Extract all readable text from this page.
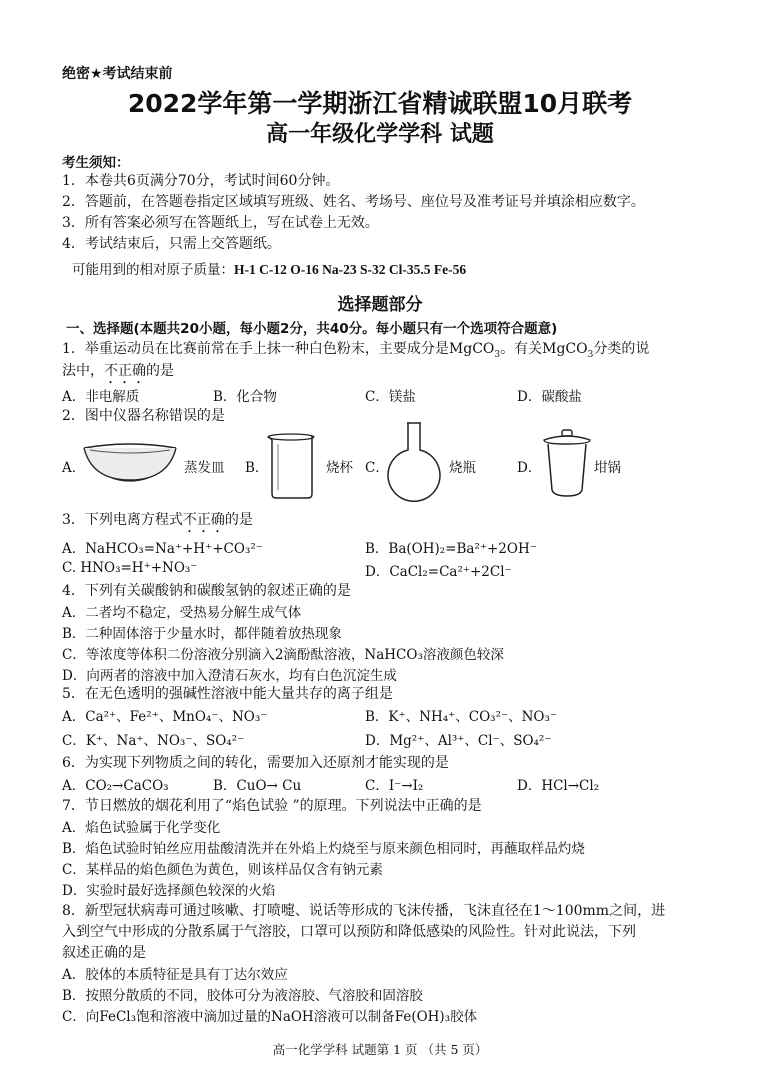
绝密★考试结束前
2022学年第一学期浙江省精诚联盟10月联考
高一年级化学学科 试题
考生须知：
1．本卷共6页满分70分，考试时间60分钟。
2．答题前，在答题卷指定区域填写班级、姓名、考场号、座位号及准考证号并填涂相应数字。
3．所有答案必须写在答题纸上，写在试卷上无效。
4．考试结束后，只需上交答题纸。
可能用到的相对原子质量：H-1 C-12 O-16 Na-23 S-32 Cl-35.5 Fe-56
选择题部分
一、选择题(本题共20小题，每小题2分，共40分。每小题只有一个选项符合题意)
1．举重运动员在比赛前常在手上抹一种白色粉末，主要成分是MgCO$_3$。有关MgCO$_3$分类的说
法中，不正确的是
A．非电解质	B．化合物	C．镁盐	D．碳酸盐
2．图中仪器名称错误的是
A．	蒸发皿 B．	烧杯 C．	烧瓶	D．	坩锅
3．下列电离方程式不正确的是
A．NaHCO₃=Na⁺+H⁺+CO₃²⁻	B．Ba(OH)₂=Ba²⁺+2OH⁻
C. HNO₃=H⁺+NO₃⁻	D．CaCl₂=Ca²⁺+2Cl⁻
4．下列有关碳酸钠和碳酸氢钠的叙述正确的是
A．二者均不稳定，受热易分解生成气体
B．二种固体溶于少量水时，都伴随着放热现象
C．等浓度等体积二份溶液分别滴入2滴酚酞溶液，NaHCO₃溶液颜色较深
D．向两者的溶液中加入澄清石灰水，均有白色沉淀生成
5．在无色透明的强碱性溶液中能大量共存的离子组是
A．Ca²⁺、Fe²⁺、MnO₄⁻、NO₃⁻	B．K⁺、NH₄⁺、CO₃²⁻、NO₃⁻
C．K⁺、Na⁺、NO₃⁻、SO₄²⁻	D．Mg²⁺、Al³⁺、Cl⁻、SO₄²⁻
6．为实现下列物质之间的转化，需要加入还原剂才能实现的是
A．CO₂→CaCO₃	B．CuO→ Cu	C．I⁻→I₂	D．HCl→Cl₂
7．节日燃放的烟花利用了“焰色试验 ”的原理。下列说法中正确的是
A．焰色试验属于化学变化
B．焰色试验时铂丝应用盐酸清洗并在外焰上灼烧至与原来颜色相同时，再蘸取样品灼烧
C．某样品的焰色颜色为黄色，则该样品仅含有钠元素
D．实验时最好选择颜色较深的火焰
8．新型冠状病毒可通过咳嗽、打喷嚏、说话等形成的飞沫传播，飞沫直径在1～100mm之间，进
入到空气中形成的分散系属于气溶胶，口罩可以预防和降低感染的风险性。针对此说法，下列
叙述正确的是
A．胶体的本质特征是具有丁达尔效应
B．按照分散质的不同，胶体可分为液溶胶、气溶胶和固溶胶
C．向FeCl₃饱和溶液中滴加过量的NaOH溶液可以制备Fe(OH)₃胶体
高一化学学科 试题第 1 页 （共 5 页）
